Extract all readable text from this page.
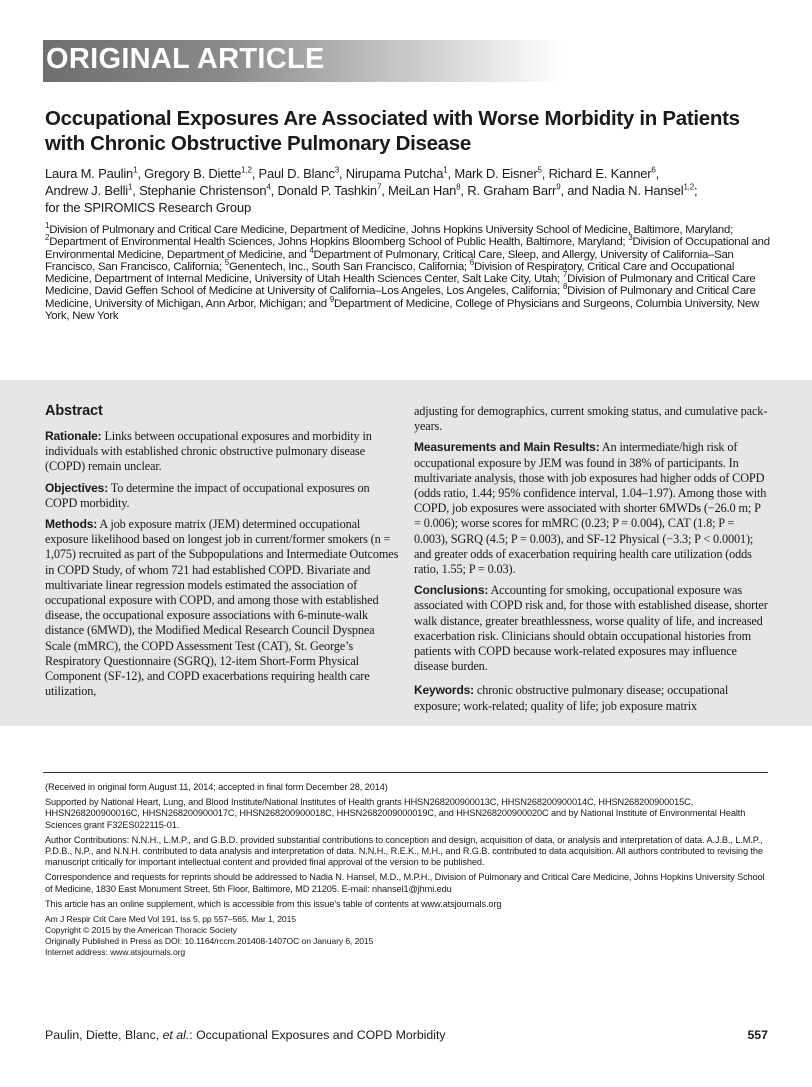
ORIGINAL ARTICLE
Occupational Exposures Are Associated with Worse Morbidity in Patients with Chronic Obstructive Pulmonary Disease
Laura M. Paulin$^1$, Gregory B. Diette$^{1,2}$, Paul D. Blanc$^3$, Nirupama Putcha$^1$, Mark D. Eisner$^5$, Richard E. Kanner$^6$,
Andrew J. Belli$^1$, Stephanie Christenson$^4$, Donald P. Tashkin$^7$, MeiLan Han$^8$, R. Graham Barr$^9$, and Nadia N. Hansel$^{1,2}$;
for the SPIROMICS Research Group
$^1$Division of Pulmonary and Critical Care Medicine, Department of Medicine, Johns Hopkins University School of Medicine, Baltimore, Maryland; $^2$Department of Environmental Health Sciences, Johns Hopkins Bloomberg School of Public Health, Baltimore, Maryland; $^3$Division of Occupational and Environmental Medicine, Department of Medicine, and $^4$Department of Pulmonary, Critical Care, Sleep, and Allergy, University of California–San Francisco, San Francisco, California; $^5$Genentech, Inc., South San Francisco, California; $^6$Division of Respiratory, Critical Care and Occupational Medicine, Department of Internal Medicine, University of Utah Health Sciences Center, Salt Lake City, Utah; $^7$Division of Pulmonary and Critical Care Medicine, David Geffen School of Medicine at University of California–Los Angeles, Los Angeles, California; $^8$Division of Pulmonary and Critical Care Medicine, University of Michigan, Ann Arbor, Michigan; and $^9$Department of Medicine, College of Physicians and Surgeons, Columbia University, New York, New York
Abstract

Rationale: Links between occupational exposures and morbidity in individuals with established chronic obstructive pulmonary disease (COPD) remain unclear.

Objectives: To determine the impact of occupational exposures on COPD morbidity.

Methods: A job exposure matrix (JEM) determined occupational exposure likelihood based on longest job in current/former smokers (n = 1,075) recruited as part of the Subpopulations and Intermediate Outcomes in COPD Study, of whom 721 had established COPD. Bivariate and multivariate linear regression models estimated the association of occupational exposure with COPD, and among those with established disease, the occupational exposure associations with 6-minute-walk distance (6MWD), the Modified Medical Research Council Dyspnea Scale (mMRC), the COPD Assessment Test (CAT), St. George’s Respiratory Questionnaire (SGRQ), 12-item Short-Form Physical Component (SF-12), and COPD exacerbations requiring health care utilization,

adjusting for demographics, current smoking status, and cumulative pack-years.

Measurements and Main Results: An intermediate/high risk of occupational exposure by JEM was found in 38% of participants. In multivariate analysis, those with job exposures had higher odds of COPD (odds ratio, 1.44; 95% confidence interval, 1.04–1.97). Among those with COPD, job exposures were associated with shorter 6MWDs (−26.0 m; P = 0.006); worse scores for mMRC (0.23; P = 0.004), CAT (1.8; P = 0.003), SGRQ (4.5; P = 0.003), and SF-12 Physical (−3.3; P < 0.0001); and greater odds of exacerbation requiring health care utilization (odds ratio, 1.55; P = 0.03).

Conclusions: Accounting for smoking, occupational exposure was associated with COPD risk and, for those with established disease, shorter walk distance, greater breathlessness, worse quality of life, and increased exacerbation risk. Clinicians should obtain occupational histories from patients with COPD because work-related exposures may influence disease burden.

Keywords: chronic obstructive pulmonary disease; occupational exposure; work-related; quality of life; job exposure matrix

(Received in original form August 11, 2014; accepted in final form December 28, 2014)

Supported by National Heart, Lung, and Blood Institute/National Institutes of Health grants HHSN268200900013C, HHSN268200900014C, HHSN268200900015C, HHSN268200900016C, HHSN268200900017C, HHSN268200900018C, HHSN2682009000019C, and HHSN268200900020C and by National Institute of Environmental Health Sciences grant F32ES022115-01.

Author Contributions: N.N.H., L.M.P., and G.B.D. provided substantial contributions to conception and design, acquisition of data, or analysis and interpretation of data. A.J.B., L.M.P., P.D.B., N.P., and N.N.H. contributed to data analysis and interpretation of data. N.N.H., R.E.K., M.H., and R.G.B. contributed to data acquisition. All authors contributed to revising the manuscript critically for important intellectual content and provided final approval of the version to be published.

Correspondence and requests for reprints should be addressed to Nadia N. Hansel, M.D., M.P.H., Division of Pulmonary and Critical Care Medicine, Johns Hopkins University School of Medicine, 1830 East Monument Street, 5th Floor, Baltimore, MD 21205. E-mail: nhansel1@jhmi.edu

This article has an online supplement, which is accessible from this issue’s table of contents at www.atsjournals.org

Am J Respir Crit Care Med Vol 191, Iss 5, pp 557–565, Mar 1, 2015
Copyright © 2015 by the American Thoracic Society
Originally Published in Press as DOI: 10.1164/rccm.201408-1407OC on January 6, 2015
Internet address: www.atsjournals.org
Paulin, Diette, Blanc, et al.: Occupational Exposures and COPD Morbidity	557
